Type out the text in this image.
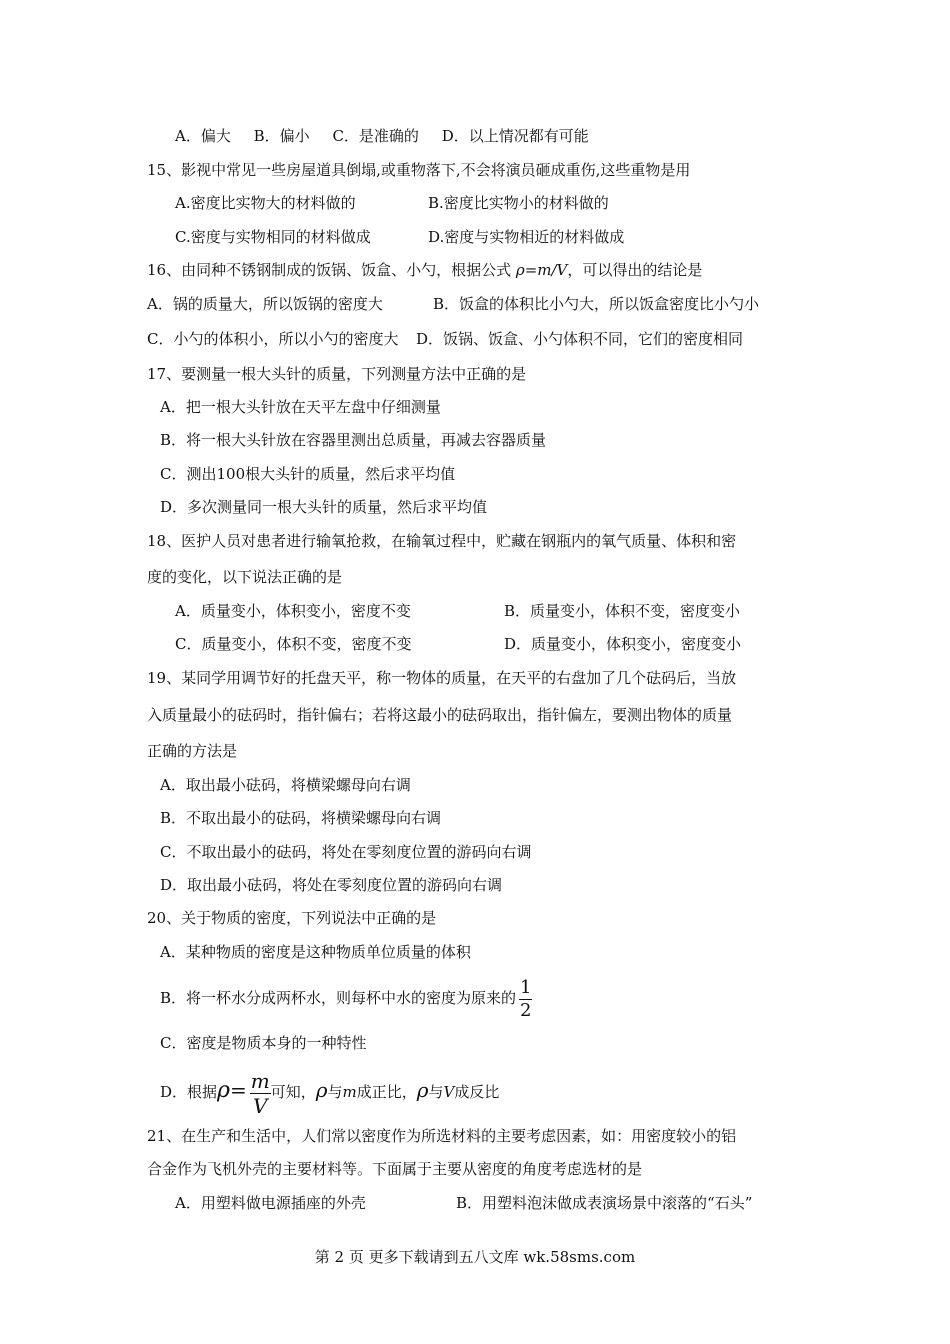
A．偏大 B．偏小 C．是准确的 D．以上情况都有可能
15、影视中常见一些房屋道具倒塌,或重物落下,不会将演员砸成重伤,这些重物是用
A.密度比实物大的材料做的	B.密度比实物小的材料做的
C.密度与实物相同的材料做成	D.密度与实物相近的材料做成
16、由同种不锈钢制成的饭锅、饭盒、小勺，根据公式 ρ=m/V，可以得出的结论是
A．锅的质量大，所以饭锅的密度大	B．饭盒的体积比小勺大，所以饭盒密度比小勺小
C．小勺的体积小，所以小勺的密度大 D．饭锅、饭盒、小勺体积不同，它们的密度相同
17、要测量一根大头针的质量，下列测量方法中正确的是
A．把一根大头针放在天平左盘中仔细测量
B．将一根大头针放在容器里测出总质量，再减去容器质量
C．测出100根大头针的质量，然后求平均值
D．多次测量同一根大头针的质量，然后求平均值
18、医护人员对患者进行输氧抢救，在输氧过程中，贮藏在钢瓶内的氧气质量、体积和密
度的变化，以下说法正确的是
A．质量变小，体积变小，密度不变	B．质量变小，体积不变，密度变小
C．质量变小，体积不变，密度不变	D．质量变小，体积变小，密度变小
19、某同学用调节好的托盘天平，称一物体的质量，在天平的右盘加了几个砝码后，当放
入质量最小的砝码时，指针偏右；若将这最小的砝码取出，指针偏左，要测出物体的质量
正确的方法是
A．取出最小砝码，将横梁螺母向右调
B．不取出最小的砝码，将横梁螺母向右调
C．不取出最小的砝码，将处在零刻度位置的游码向右调
D．取出最小砝码，将处在零刻度位置的游码向右调
20、关于物质的密度，下列说法中正确的是
A．某种物质的密度是这种物质单位质量的体积
B．将一杯水分成两杯水，则每杯中水的密度为原来的 $\frac{1}{2}$
C．密度是物质本身的一种特性
D．根据$\rho= \frac{m}{V}$ 可知，ρ与m成正比，ρ与V成反比
21、在生产和生活中，人们常以密度作为所选材料的主要考虑因素，如：用密度较小的铝
合金作为飞机外壳的主要材料等。下面属于主要从密度的角度考虑选材的是
A．用塑料做电源插座的外壳	B．用塑料泡沫做成表演场景中滚落的“石头”
第 2 页 更多下载请到五八文库 wk.58sms.com
